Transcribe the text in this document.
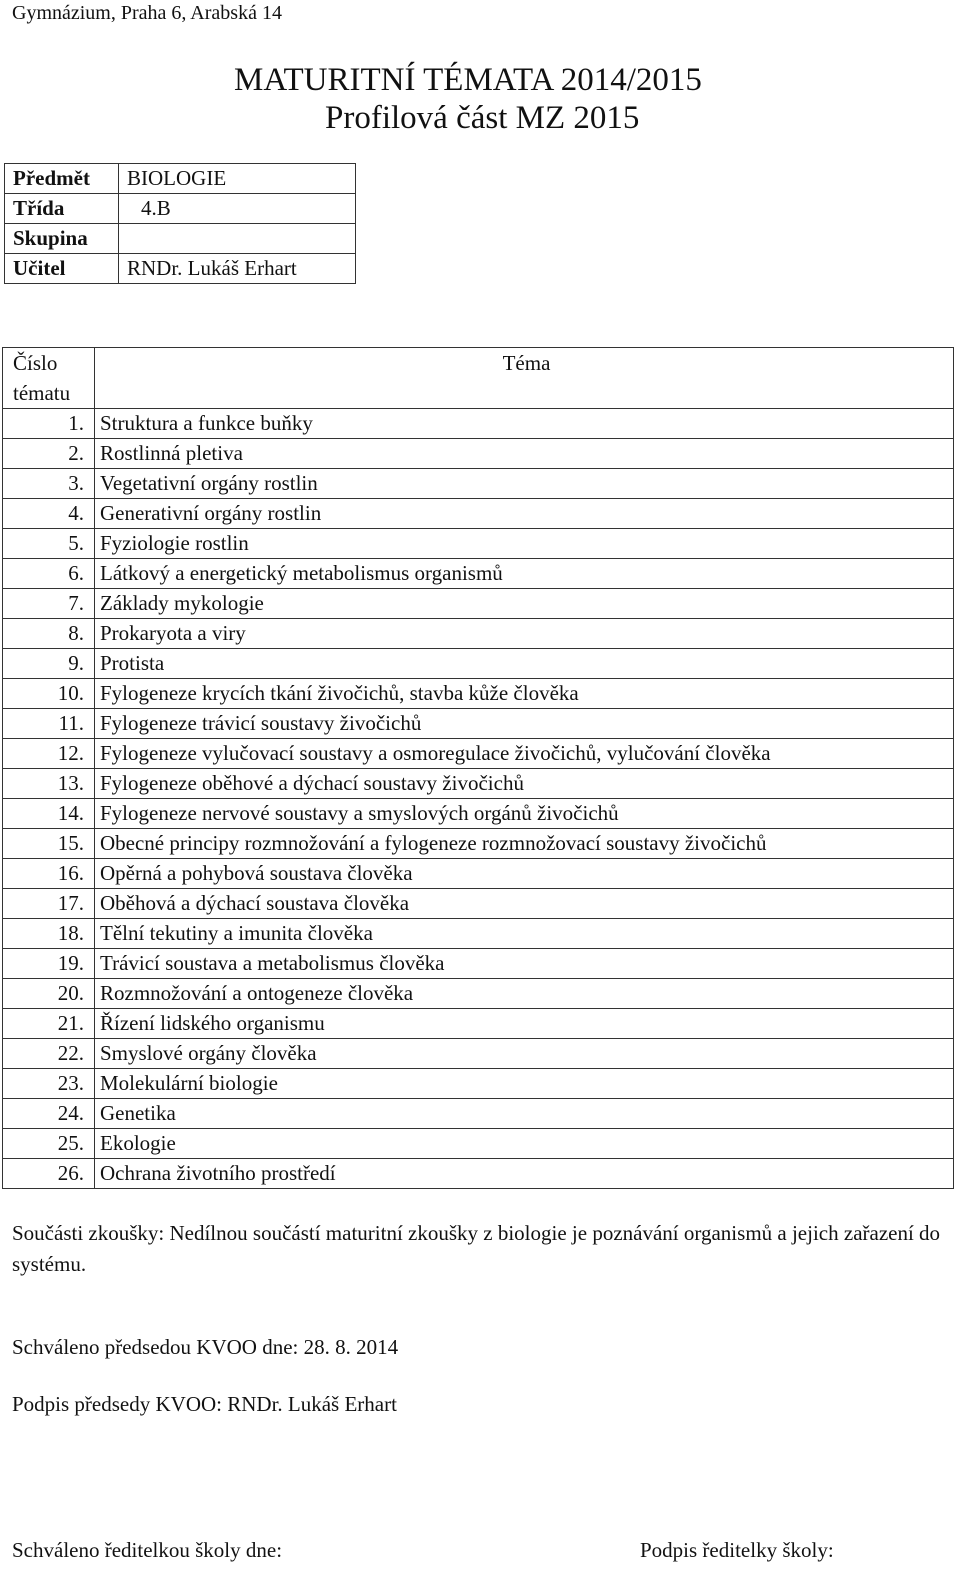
Gymnázium, Praha 6, Arabská 14
MATURITNÍ TÉMATA 2014/2015
Profilová část MZ 2015
Předmět	BIOLOGIE
Třída	4.B
Skupina	
Učitel	RNDr. Lukáš Erhart
Číslo tématu	Téma
1.	Struktura a funkce buňky
2.	Rostlinná pletiva
3.	Vegetativní orgány rostlin
4.	Generativní orgány rostlin
5.	Fyziologie rostlin
6.	Látkový a energetický metabolismus organismů
7.	Základy mykologie
8.	Prokaryota a viry
9.	Protista
10.	Fylogeneze krycích tkání živočichů, stavba kůže člověka
11.	Fylogeneze trávicí soustavy živočichů
12.	Fylogeneze vylučovací soustavy a osmoregulace živočichů, vylučování člověka
13.	Fylogeneze oběhové a dýchací soustavy živočichů
14.	Fylogeneze nervové soustavy a smyslových orgánů živočichů
15.	Obecné principy rozmnožování a fylogeneze rozmnožovací soustavy živočichů
16.	Opěrná a pohybová soustava člověka
17.	Oběhová a dýchací soustava člověka
18.	Tělní tekutiny a imunita člověka
19.	Trávicí soustava a metabolismus člověka
20.	Rozmnožování a ontogeneze člověka
21.	Řízení lidského organismu
22.	Smyslové orgány člověka
23.	Molekulární biologie
24.	Genetika
25.	Ekologie
26.	Ochrana životního prostředí
Součásti zkoušky: Nedílnou součástí maturitní zkoušky z biologie je poznávání organismů a jejich zařazení do systému.
Schváleno předsedou KVOO dne: 28. 8. 2014
Podpis předsedy KVOO: RNDr. Lukáš Erhart
Schváleno ředitelkou školy dne:	Podpis ředitelky školy:
